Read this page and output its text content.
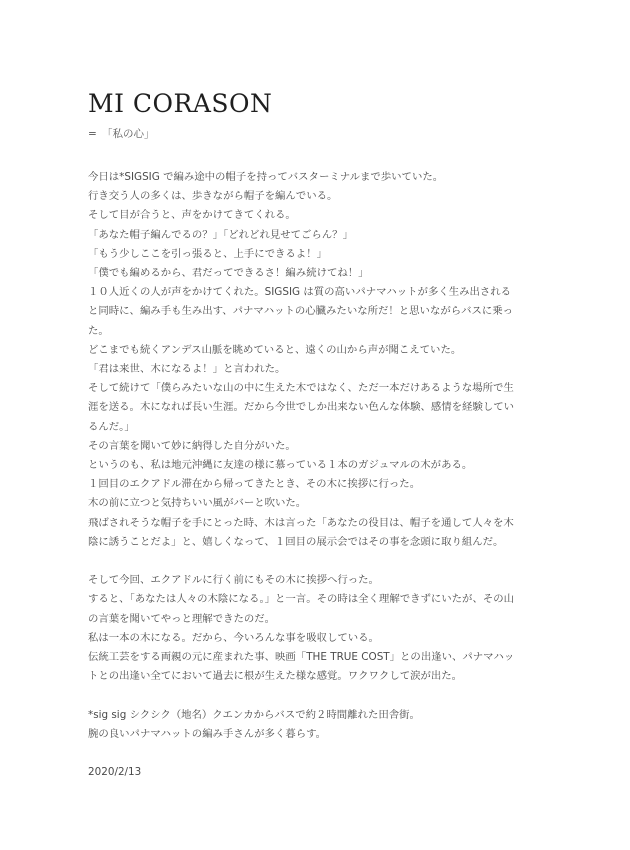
MI CORASON
=　「私の心」
今日は*SIGSIG で編み途中の帽子を持ってバスターミナルまで歩いていた。
行き交う人の多くは、歩きながら帽子を編んでいる。
そして目が合うと、声をかけてきてくれる。
「あなた帽子編んでるの？」「どれどれ見せてごらん？」
「もう少しここを引っ張ると、上手にできるよ！」
「僕でも編めるから、君だってできるさ！編み続けてね！」
１０人近くの人が声をかけてくれた。SIGSIG は質の高いパナマハットが多く生み出される
と同時に、編み手も生み出す、パナマハットの心臓みたいな所だ！と思いながらバスに乗っ
た。
どこまでも続くアンデス山脈を眺めていると、遠くの山から声が聞こえていた。
「君は来世、木になるよ！」と言われた。
そして続けて「僕らみたいな山の中に生えた木ではなく、ただ一本だけあるような場所で生
涯を送る。木になれば長い生涯。だから今世でしか出来ない色んな体験、感情を経験してい
るんだ。」
その言葉を聞いて妙に納得した自分がいた。
というのも、私は地元沖縄に友達の様に慕っている１本のガジュマルの木がある。
１回目のエクアドル滞在から帰ってきたとき、その木に挨拶に行った。
木の前に立つと気持ちいい風がバーと吹いた。
飛ばされそうな帽子を手にとった時、木は言った「あなたの役目は、帽子を通して人々を木
陰に誘うことだよ」と、嬉しくなって、１回目の展示会ではその事を念頭に取り組んだ。
そして今回、エクアドルに行く前にもその木に挨拶へ行った。
すると、「あなたは人々の木陰になる。」と一言。その時は全く理解できずにいたが、その山
の言葉を聞いてやっと理解できたのだ。
私は一本の木になる。だから、今いろんな事を吸収している。
伝統工芸をする両親の元に産まれた事、映画「THE TRUE COST」との出逢い、パナマハッ
トとの出逢い全てにおいて過去に根が生えた様な感覚。ワクワクして涙が出た。
*sig sig シクシク（地名）クエンカからバスで約２時間離れた田舎街。
腕の良いパナマハットの編み手さんが多く暮らす。
2020/2/13
